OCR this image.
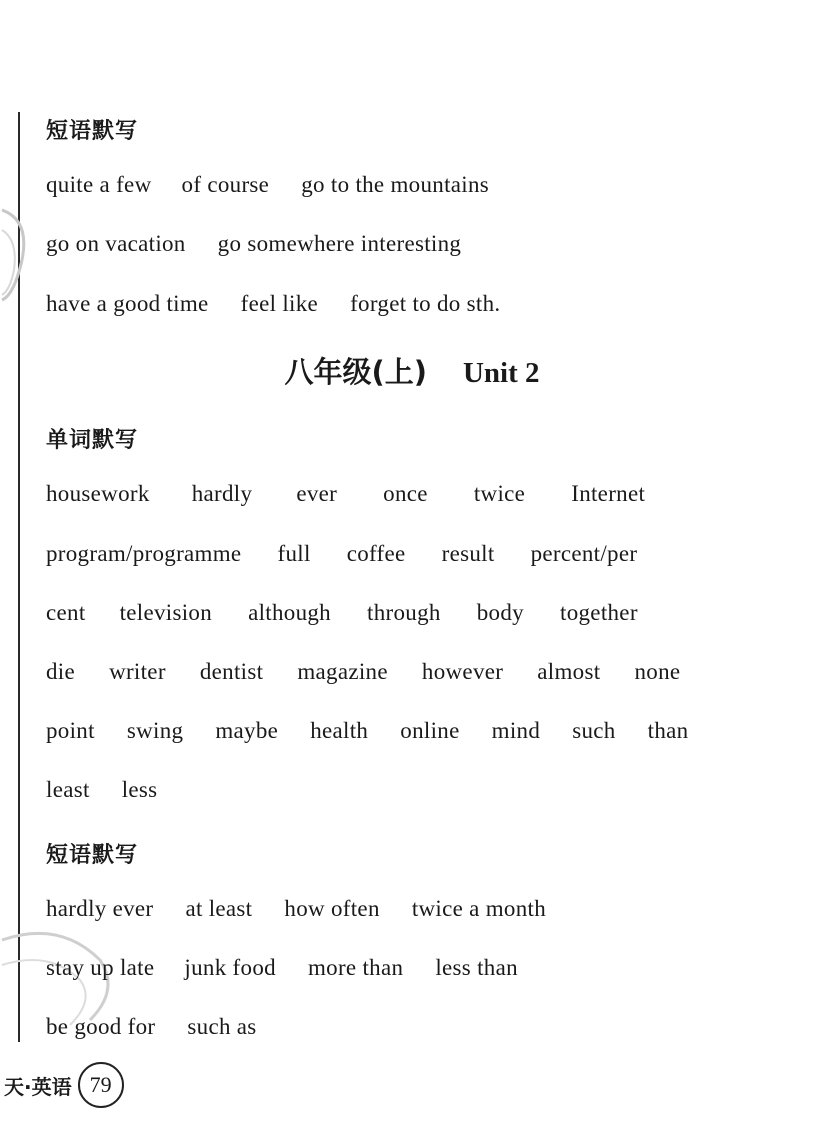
短语默写
quite a few of course go to the mountains
go on vacation go somewhere interesting
have a good time feel like forget to do sth.
八年级(上) Unit 2
单词默写
housework hardly ever once twice Internet
program/programme full coffee result percent/per
cent television although through body together
die writer dentist magazine however almost none
point swing maybe health online mind such than
least less
短语默写
hardly ever at least how often twice a month
stay up late junk food more than less than
be good for such as
天·英语 79
